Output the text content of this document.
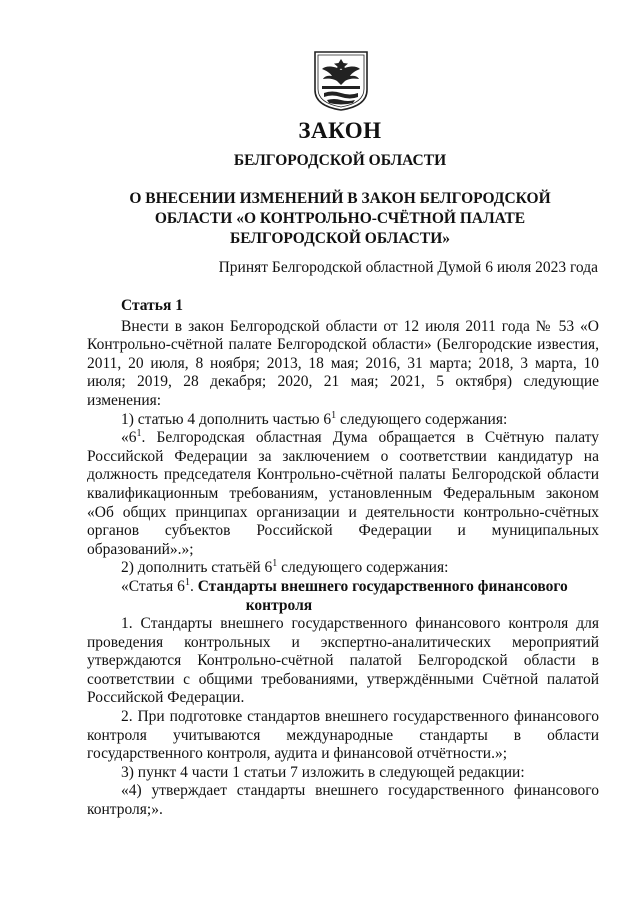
ЗАКОН
БЕЛГОРОДСКОЙ ОБЛАСТИ
О ВНЕСЕНИИ ИЗМЕНЕНИЙ В ЗАКОН БЕЛГОРОДСКОЙ
ОБЛАСТИ «О КОНТРОЛЬНО-СЧЁТНОЙ ПАЛАТЕ
БЕЛГОРОДСКОЙ ОБЛАСТИ»
Принят Белгородской областной Думой 6 июля 2023 года

Статья 1

Внести в закон Белгородской области от 12 июля 2011 года № 53 «О Контрольно-счётной палате Белгородской области» (Белгородские известия, 2011, 20 июля, 8 ноября; 2013, 18 мая; 2016, 31 марта; 2018, 3 марта, 10 июля; 2019, 28 декабря; 2020, 21 мая; 2021, 5 октября) следующие изменения:

1) статью 4 дополнить частью $6^1$ следующего содержания:

«$6^1$. Белгородская областная Дума обращается в Счётную палату Российской Федерации за заключением о соответствии кандидатур на должность председателя Контрольно-счётной палаты Белгородской области квалификационным требованиям, установленным Федеральным законом «Об общих принципах организации и деятельности контрольно-счётных органов субъектов Российской Федерации и муниципальных образований».»;

2) дополнить статьёй $6^1$ следующего содержания:

«Статья $6^1$. Стандарты внешнего государственного финансового
контроля

1. Стандарты внешнего государственного финансового контроля для проведения контрольных и экспертно-аналитических мероприятий утверждаются Контрольно-счётной палатой Белгородской области в соответствии с общими требованиями, утверждёнными Счётной палатой Российской Федерации.

2. При подготовке стандартов внешнего государственного финансового контроля учитываются международные стандарты в области государственного контроля, аудита и финансовой отчётности.»;

3) пункт 4 части 1 статьи 7 изложить в следующей редакции:

«4) утверждает стандарты внешнего государственного финансового контроля;».
